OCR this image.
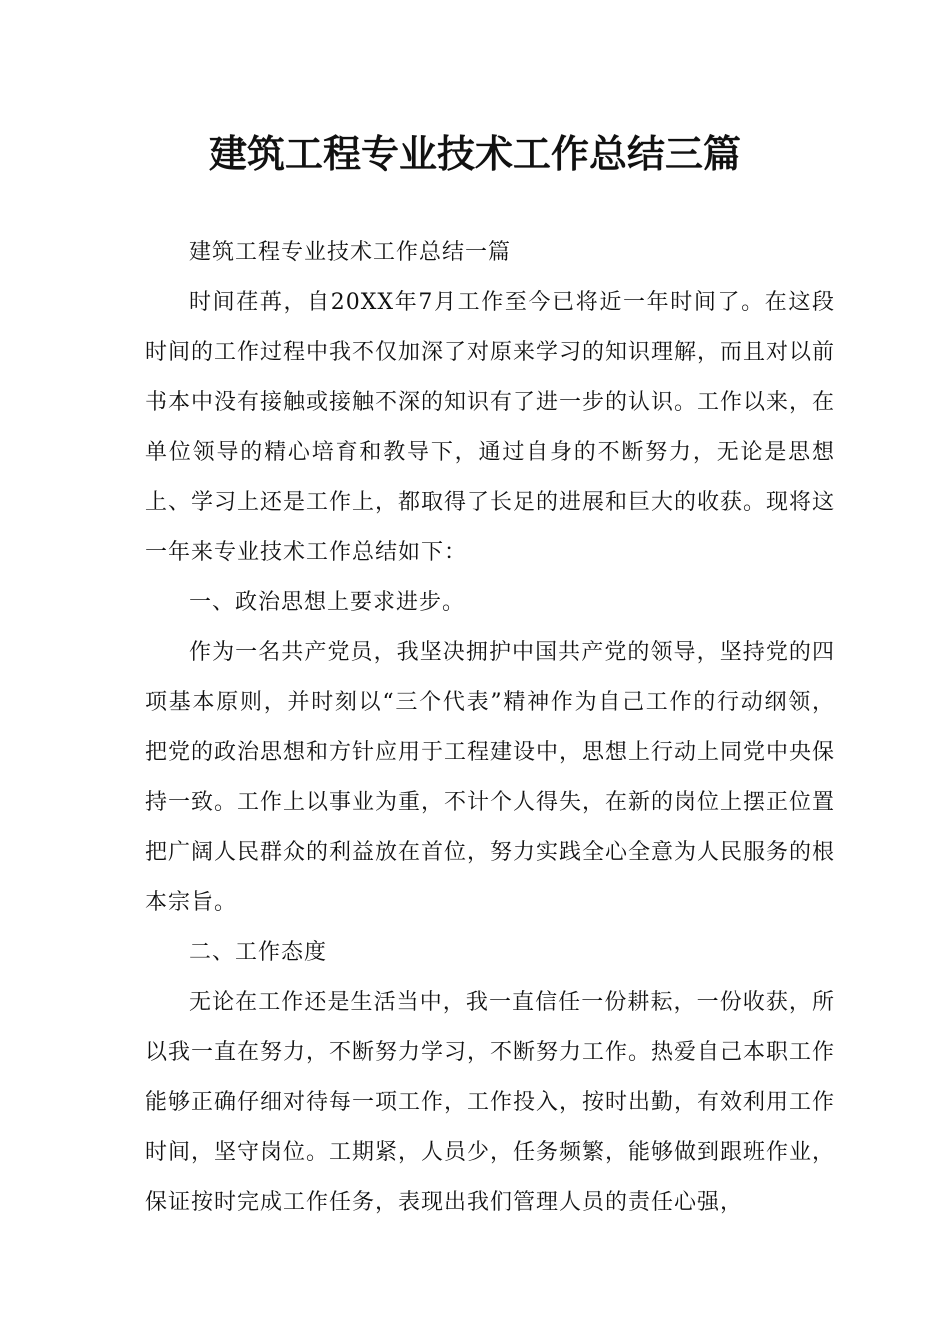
建筑工程专业技术工作总结三篇

建筑工程专业技术工作总结一篇

时间荏苒，自20XX年7月工作至今已将近一年时间了。在这段时间的工作过程中我不仅加深了对原来学习的知识理解，而且对以前书本中没有接触或接触不深的知识有了进一步的认识。工作以来，在单位领导的精心培育和教导下，通过自身的不断努力，无论是思想上、学习上还是工作上，都取得了长足的进展和巨大的收获。现将这一年来专业技术工作总结如下：

一、政治思想上要求进步。

作为一名共产党员，我坚决拥护中国共产党的领导，坚持党的四项基本原则，并时刻以“三个代表”精神作为自己工作的行动纲领，把党的政治思想和方针应用于工程建设中，思想上行动上同党中央保持一致。工作上以事业为重，不计个人得失，在新的岗位上摆正位置把广阔人民群众的利益放在首位，努力实践全心全意为人民服务的根本宗旨。

二、工作态度

无论在工作还是生活当中，我一直信任一份耕耘，一份收获，所以我一直在努力，不断努力学习，不断努力工作。热爱自己本职工作能够正确仔细对待每一项工作，工作投入，按时出勤，有效利用工作时间，坚守岗位。工期紧，人员少，任务频繁，能够做到跟班作业，保证按时完成工作任务，表现出我们管理人员的责任心强，
